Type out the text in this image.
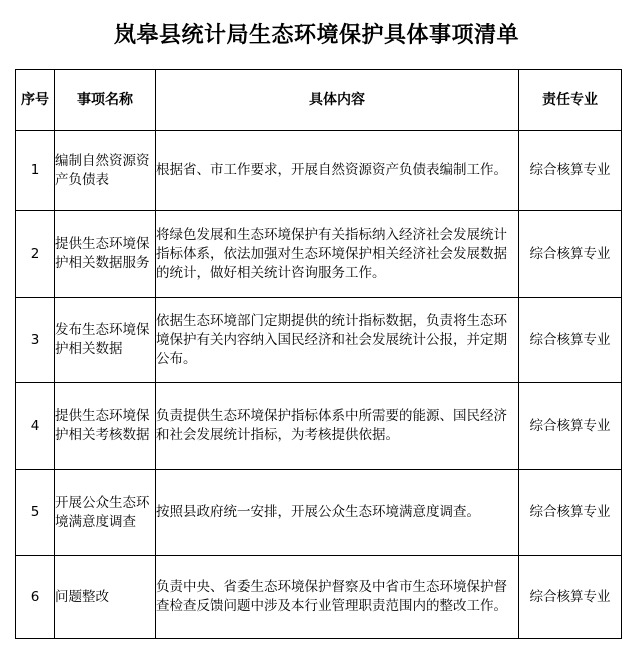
岚皋县统计局生态环境保护具体事项清单
序号	事项名称	具体内容	责任专业
1	编制自然资源资产负债表	根据省、市工作要求，开展自然资源资产负债表编制工作。	综合核算专业
2	提供生态环境保护相关数据服务	将绿色发展和生态环境保护有关指标纳入经济社会发展统计指标体系，依法加强对生态环境保护相关经济社会发展数据的统计，做好相关统计咨询服务工作。	综合核算专业
3	发布生态环境保护相关数据	依据生态环境部门定期提供的统计指标数据，负责将生态环境保护有关内容纳入国民经济和社会发展统计公报，并定期公布。	综合核算专业
4	提供生态环境保护相关考核数据	负责提供生态环境保护指标体系中所需要的能源、国民经济和社会发展统计指标，为考核提供依据。	综合核算专业
5	开展公众生态环境满意度调查	按照县政府统一安排，开展公众生态环境满意度调查。	综合核算专业
6	问题整改	负责中央、省委生态环境保护督察及中省市生态环境保护督查检查反馈问题中涉及本行业管理职责范围内的整改工作。	综合核算专业
